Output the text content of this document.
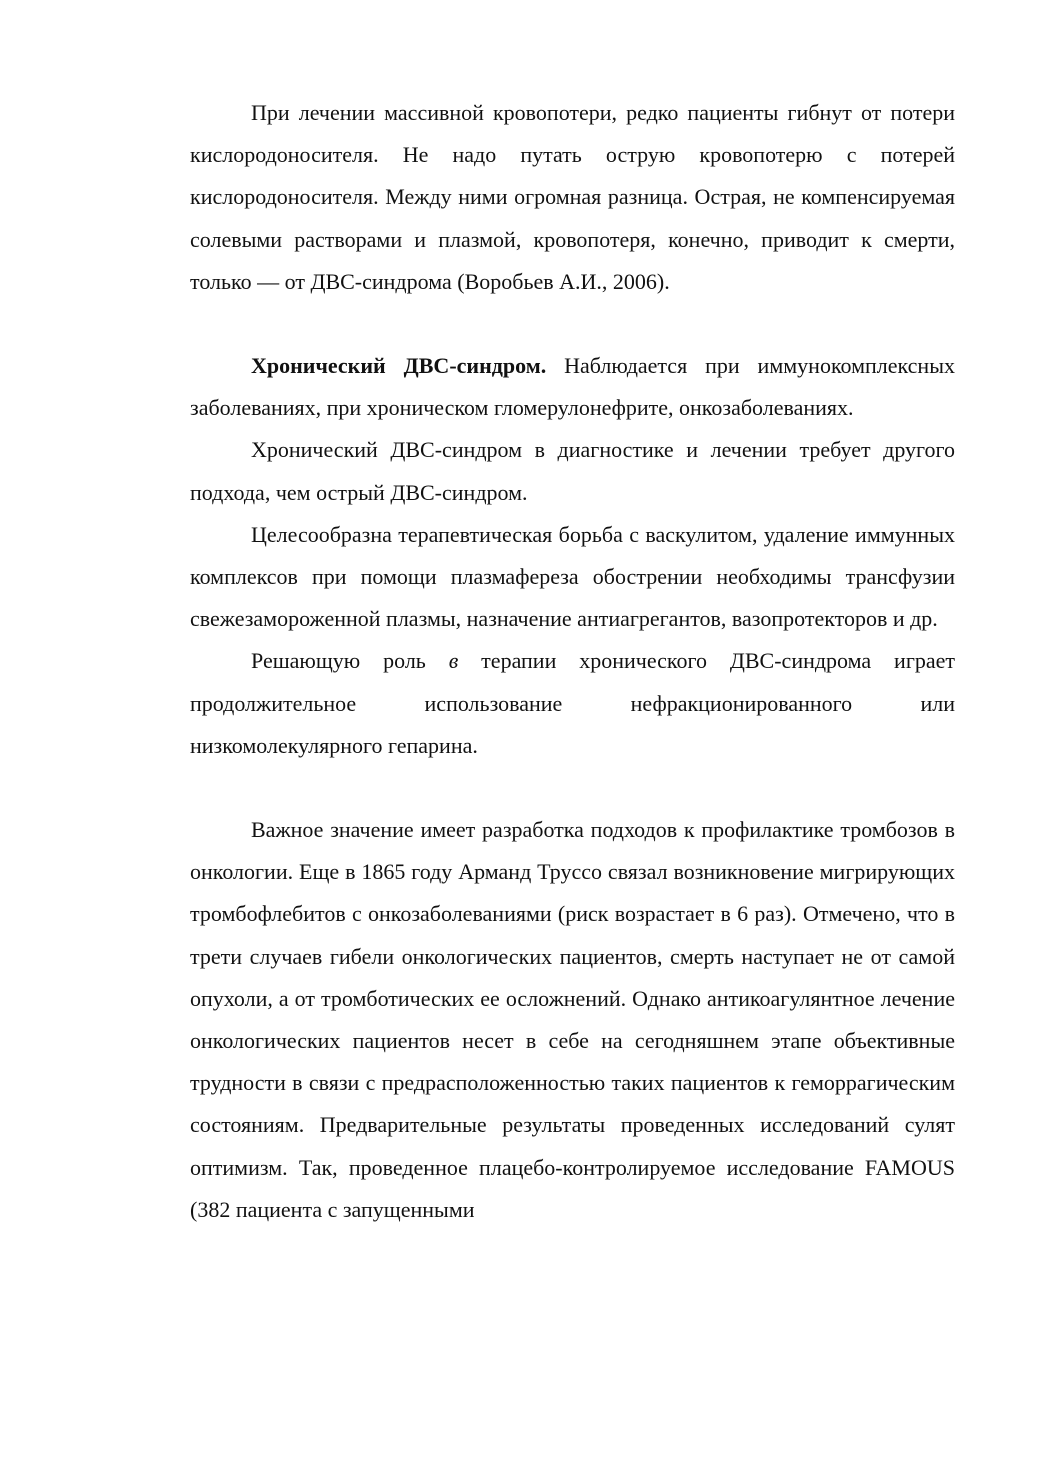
При лечении массивной кровопотери, редко пациенты гибнут от потери кислородоносителя. Не надо путать острую кровопотерю с потерей кислородоносителя. Между ними огромная разница. Острая, не компенсируемая солевыми растворами и плазмой, кровопотеря, конечно, приводит к смерти, только — от ДВС-синдрома (Воробьев А.И., 2006).

Хронический ДВС-синдром. Наблюдается при иммунокомплексных заболеваниях, при хроническом гломерулонефрите, онкозаболеваниях.

Хронический ДВС-синдром в диагностике и лечении требует другого подхода, чем острый ДВС-синдром.

Целесообразна терапевтическая борьба с васкулитом, удаление иммунных комплексов при помощи плазмафереза обострении необходимы трансфузии свежезамороженной плазмы, назначение антиагрегантов, вазопротекторов и др.

Решающую роль в терапии хронического ДВС-синдрома играет продолжительное использование нефракционированного или низкомолекулярного гепарина.

Важное значение имеет разработка подходов к профилактике тромбозов в онкологии. Еще в 1865 году Арманд Труссо связал возникновение мигрирующих тромбофлебитов с онкозаболеваниями (риск возрастает в 6 раз). Отмечено, что в трети случаев гибели онкологических пациентов, смерть наступает не от самой опухоли, а от тромботических ее осложнений. Однако антикоагулянтное лечение онкологических пациентов несет в себе на сегодняшнем этапе объективные трудности в связи с предрасположенностью таких пациентов к геморрагическим состояниям. Предварительные результаты проведенных исследований сулят оптимизм. Так, проведенное плацебо-контролируемое исследование FAMOUS (382 пациента с запущенными
